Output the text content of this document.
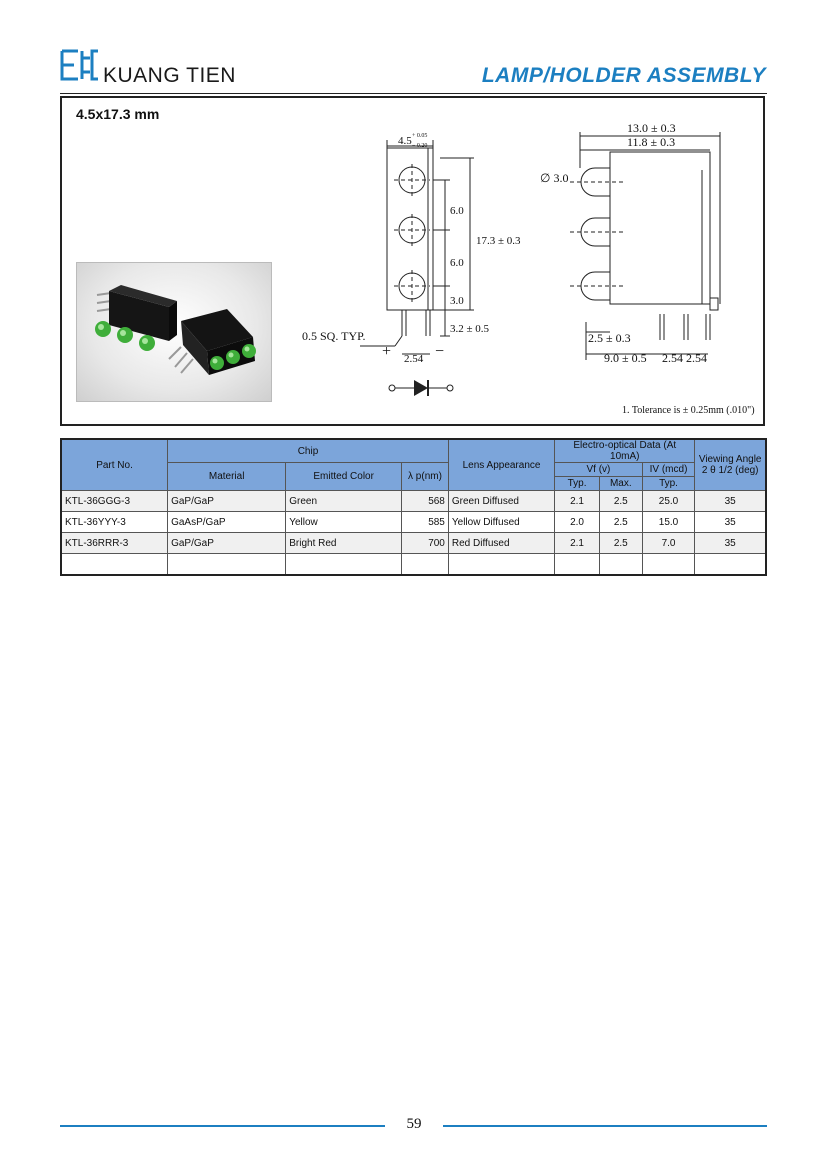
KUANG TIEN	LAMP/HOLDER ASSEMBLY
4.5x17.3 mm
4.5 + 0.05
− 0.20
6.0
6.0
3.0
17.3 ± 0.3
3.2 ± 0.5
0.5 SQ. TYP.
2.54
+	−
13.0 ± 0.3
11.8 ± 0.3
∅ 3.0
2.5 ± 0.3
9.0 ± 0.5 2.54 2.54
1. Tolerance is ± 0.25mm (.010")
Part No.	Chip			Lens Appearance	Electro-optical Data (At 10mA)			Viewing Angle
2 θ 1/2 (deg)
	Material	Emitted Color	λ p(nm)		Vf (v)		IV (mcd)	
					Typ.	Max.	Typ.	
KTL-36GGG-3	GaP/GaP	Green	568	Green Diffused	2.1	2.5	25.0	35
KTL-36YYY-3	GaAsP/GaP	Yellow	585	Yellow Diffused	2.0	2.5	15.0	35
KTL-36RRR-3	GaP/GaP	Bright Red	700	Red Diffused	2.1	2.5	7.0	35

59
